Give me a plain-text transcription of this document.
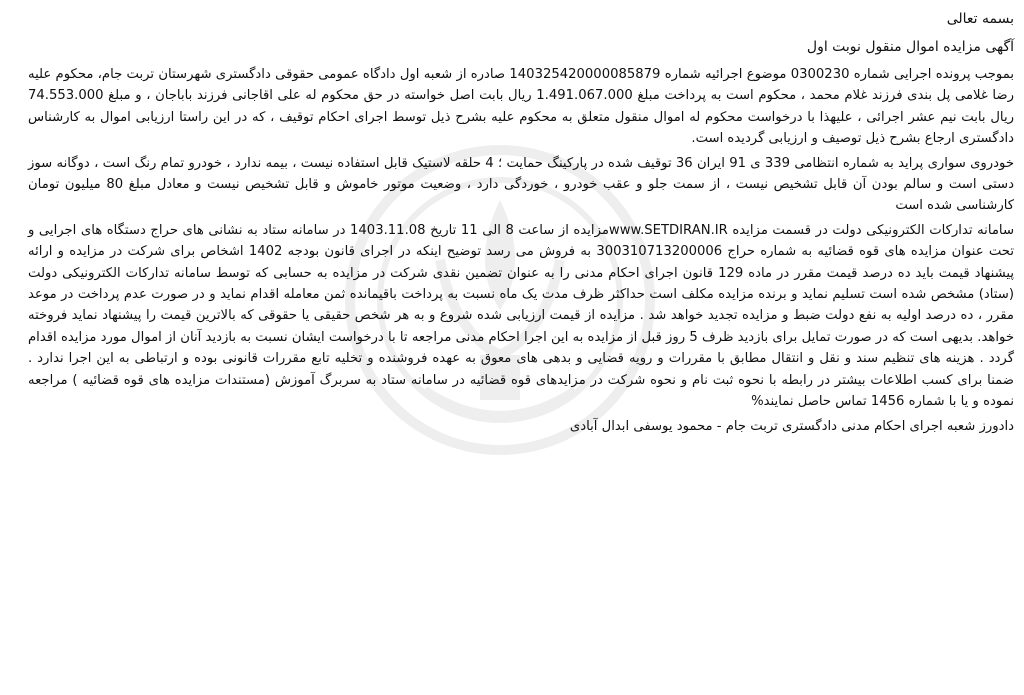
بسمه تعالی
آگهی مزایده اموال منقول نوبت اول

بموجب پرونده اجرایی شماره 0300230 موضوع اجرائیه شماره 140325420000085879 صادره از شعبه اول دادگاه عمومی حقوقی دادگستری شهرستان تربت جام، محکوم علیه رضا غلامی پل بندی فرزند غلام محمد ، محکوم است به پرداخت مبلغ 1.491.067.000 ریال بابت اصل خواسته در حق محکوم له علی اقاجانی فرزند باباجان ، و مبلغ 74.553.000 ریال بابت نیم عشر اجرائی ، علیهذا با درخواست محکوم له اموال منقول متعلق به محکوم علیه بشرح ذیل توسط اجرای احکام توقیف ، که در این راستا ارزیابی اموال به کارشناس دادگستری ارجاع بشرح ذیل توصیف و ارزیابی گردیده است.

خودروی سواری پراید به شماره انتظامی 339 ی 91 ایران 36 توقیف شده در پارکینگ حمایت ؛ 4 حلقه لاستیک قابل استفاده نیست ، بیمه ندارد ، خودرو تمام رنگ است ، دوگانه سوز دستی است و سالم بودن آن قابل تشخیص نیست ، از سمت جلو و عقب خودرو ، خوردگی دارد ، وضعیت موتور خاموش و قابل تشخیص نیست و معادل مبلغ 80 میلیون تومان کارشناسی شده است

سامانه تدارکات الکترونیکی دولت در قسمت مزایده www.SETDIRAN.IRمزایده از ساعت 8 الی 11 تاریخ 1403.11.08 در سامانه ستاد به نشانی های حراج دستگاه های اجرایی و تحت عنوان مزایده های قوه قضائیه به شماره حراج 300310713200006 به فروش می رسد توضیح اینکه در اجرای قانون بودجه 1402 اشخاص برای شرکت در مزایده و ارائه پیشنهاد قیمت باید ده درصد قیمت مقرر در ماده 129 قانون اجرای احکام مدنی را به عنوان تضمین نقدی شرکت در مزایده به حسابی که توسط سامانه تدارکات الکترونیکی دولت (ستاد) مشخص شده است تسلیم نماید و برنده مزایده مکلف است حداکثر ظرف مدت یک ماه نسبت به پرداخت باقیمانده ثمن معامله اقدام نماید و در صورت عدم پرداخت در موعد مقرر ، ده درصد اولیه به نفع دولت ضبط و مزایده تجدید خواهد شد . مزایده از قیمت ارزیابی شده شروع و به هر شخص حقیقی یا حقوقی که بالاترین قیمت را پیشنهاد نماید فروخته خواهد. بدیهی است که در صورت تمایل برای بازدید ظرف 5 روز قبل از مزایده به این اجرا احکام مدنی مراجعه تا با درخواست ایشان نسبت به بازدید آنان از اموال مورد مزایده اقدام گردد . هزینه های تنظیم سند و نقل و انتقال مطابق با مقررات و رویه قضایی و بدهی های معوق به عهده فروشنده و تخلیه تابع مقررات قانونی بوده و ارتباطی به این اجرا ندارد . ضمنا برای کسب اطلاعات بیشتر در رابطه با نحوه ثبت نام و نحوه شرکت در مزایدهای قوه قضائیه در سامانه ستاد به سربرگ آموزش (مستندات مزایده های قوه قضائیه ) مراجعه نموده و یا با شماره 1456 تماس حاصل نمایند%

دادورز شعبه اجرای احکام مدنی دادگستری تربت جام - محمود یوسفی ابدال آبادی
